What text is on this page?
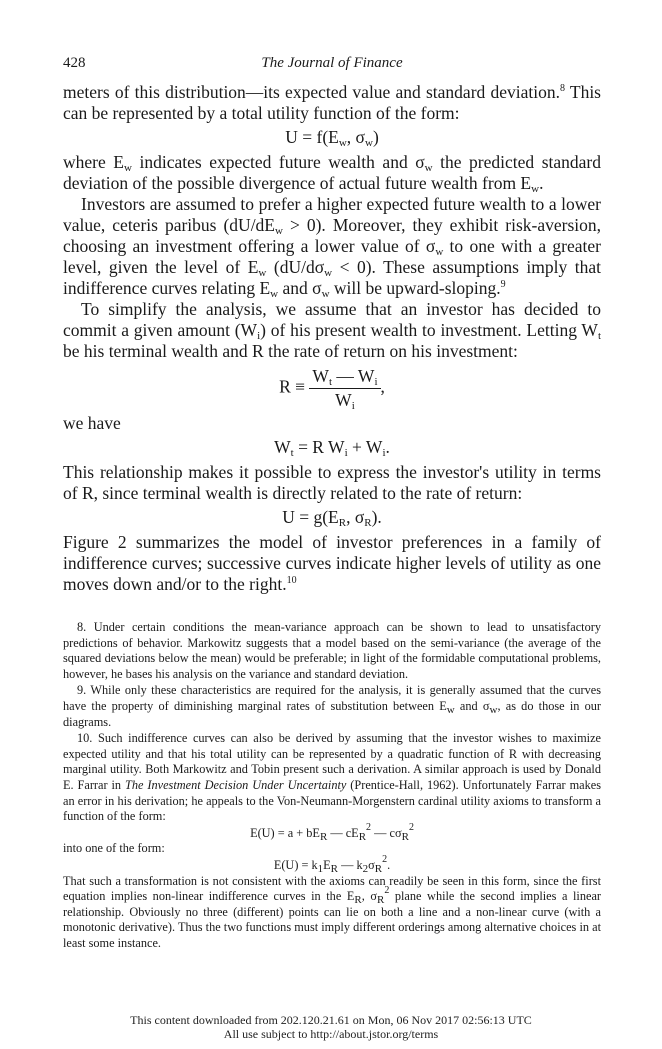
428	The Journal of Finance

meters of this distribution—its expected value and standard deviation.$^8$ This can be represented by a total utility function of the form:

$U = f(E_w$, $\sigma_w$)

where $E_w$ indicates expected future wealth and $\sigma_w$ the predicted standard deviation of the possible divergence of actual future wealth from $E_w$.

Investors are assumed to prefer a higher expected future wealth to a lower value, ceteris paribus $(dU/dE_w > 0)$. Moreover, they exhibit risk-aversion, choosing an investment offering a lower value of $\sigma_w$ to one with a greater level, given the level of $E_w$ $(dU/d\sigma_w < 0)$. These assumptions imply that indifference curves relating $E_w$ and $\sigma_w$ will be upward-sloping.$^9$

To simplify the analysis, we assume that an investor has decided to commit a given amount $(W_i)$ of his present wealth to investment. Letting $W_t$ be his terminal wealth and R the rate of return on his investment:

$R \equiv \frac{W_t — W_i}{W_i}$ ,

we have

$W_t = R$ $W_i + W_i$.

This relationship makes it possible to express the investor's utility in terms of R, since terminal wealth is directly related to the rate of return:

$U = g(E_R$, $\sigma_R$).

Figure 2 summarizes the model of investor preferences in a family of indifference curves; successive curves indicate higher levels of utility as one moves down and/or to the right.$^{10}$

8. Under certain conditions the mean-variance approach can be shown to lead to unsatisfactory predictions of behavior. Markowitz suggests that a model based on the semi-variance (the average of the squared deviations below the mean) would be preferable; in light of the formidable computational problems, however, he bases his analysis on the variance and standard deviation.

9. While only these characteristics are required for the analysis, it is generally assumed that the curves have the property of diminishing marginal rates of substitution between $E_w$ and $\sigma_w$, as do those in our diagrams.

10. Such indifference curves can also be derived by assuming that the investor wishes to maximize expected utility and that his total utility can be represented by a quadratic function of R with decreasing marginal utility. Both Markowitz and Tobin present such a derivation. A similar approach is used by Donald E. Farrar in The Investment Decision Under Uncertainty (Prentice-Hall, 1962). Unfortunately Farrar makes an error in his derivation; he appeals to the Von-Neumann-Morgenstern cardinal utility axioms to transform a function of the form:

$E(U) = a + bE_R$ — $cE_R^2$ — $c\sigma_R^2$

into one of the form:

$E(U) = k_1E_R$ — $k_2\sigma_R^2$.

That such a transformation is not consistent with the axioms can readily be seen in this form, since the first equation implies non-linear indifference curves in the $E_R$, $\sigma_R^2$ plane while the second implies a linear relationship. Obviously no three (different) points can lie on both a line and a non-linear curve (with a monotonic derivative). Thus the two functions must imply different orderings among alternative choices in at least some instance.

This content downloaded from 202.120.21.61 on Mon, 06 Nov 2017 02:56:13 UTC
All use subject to http://about.jstor.org/terms
